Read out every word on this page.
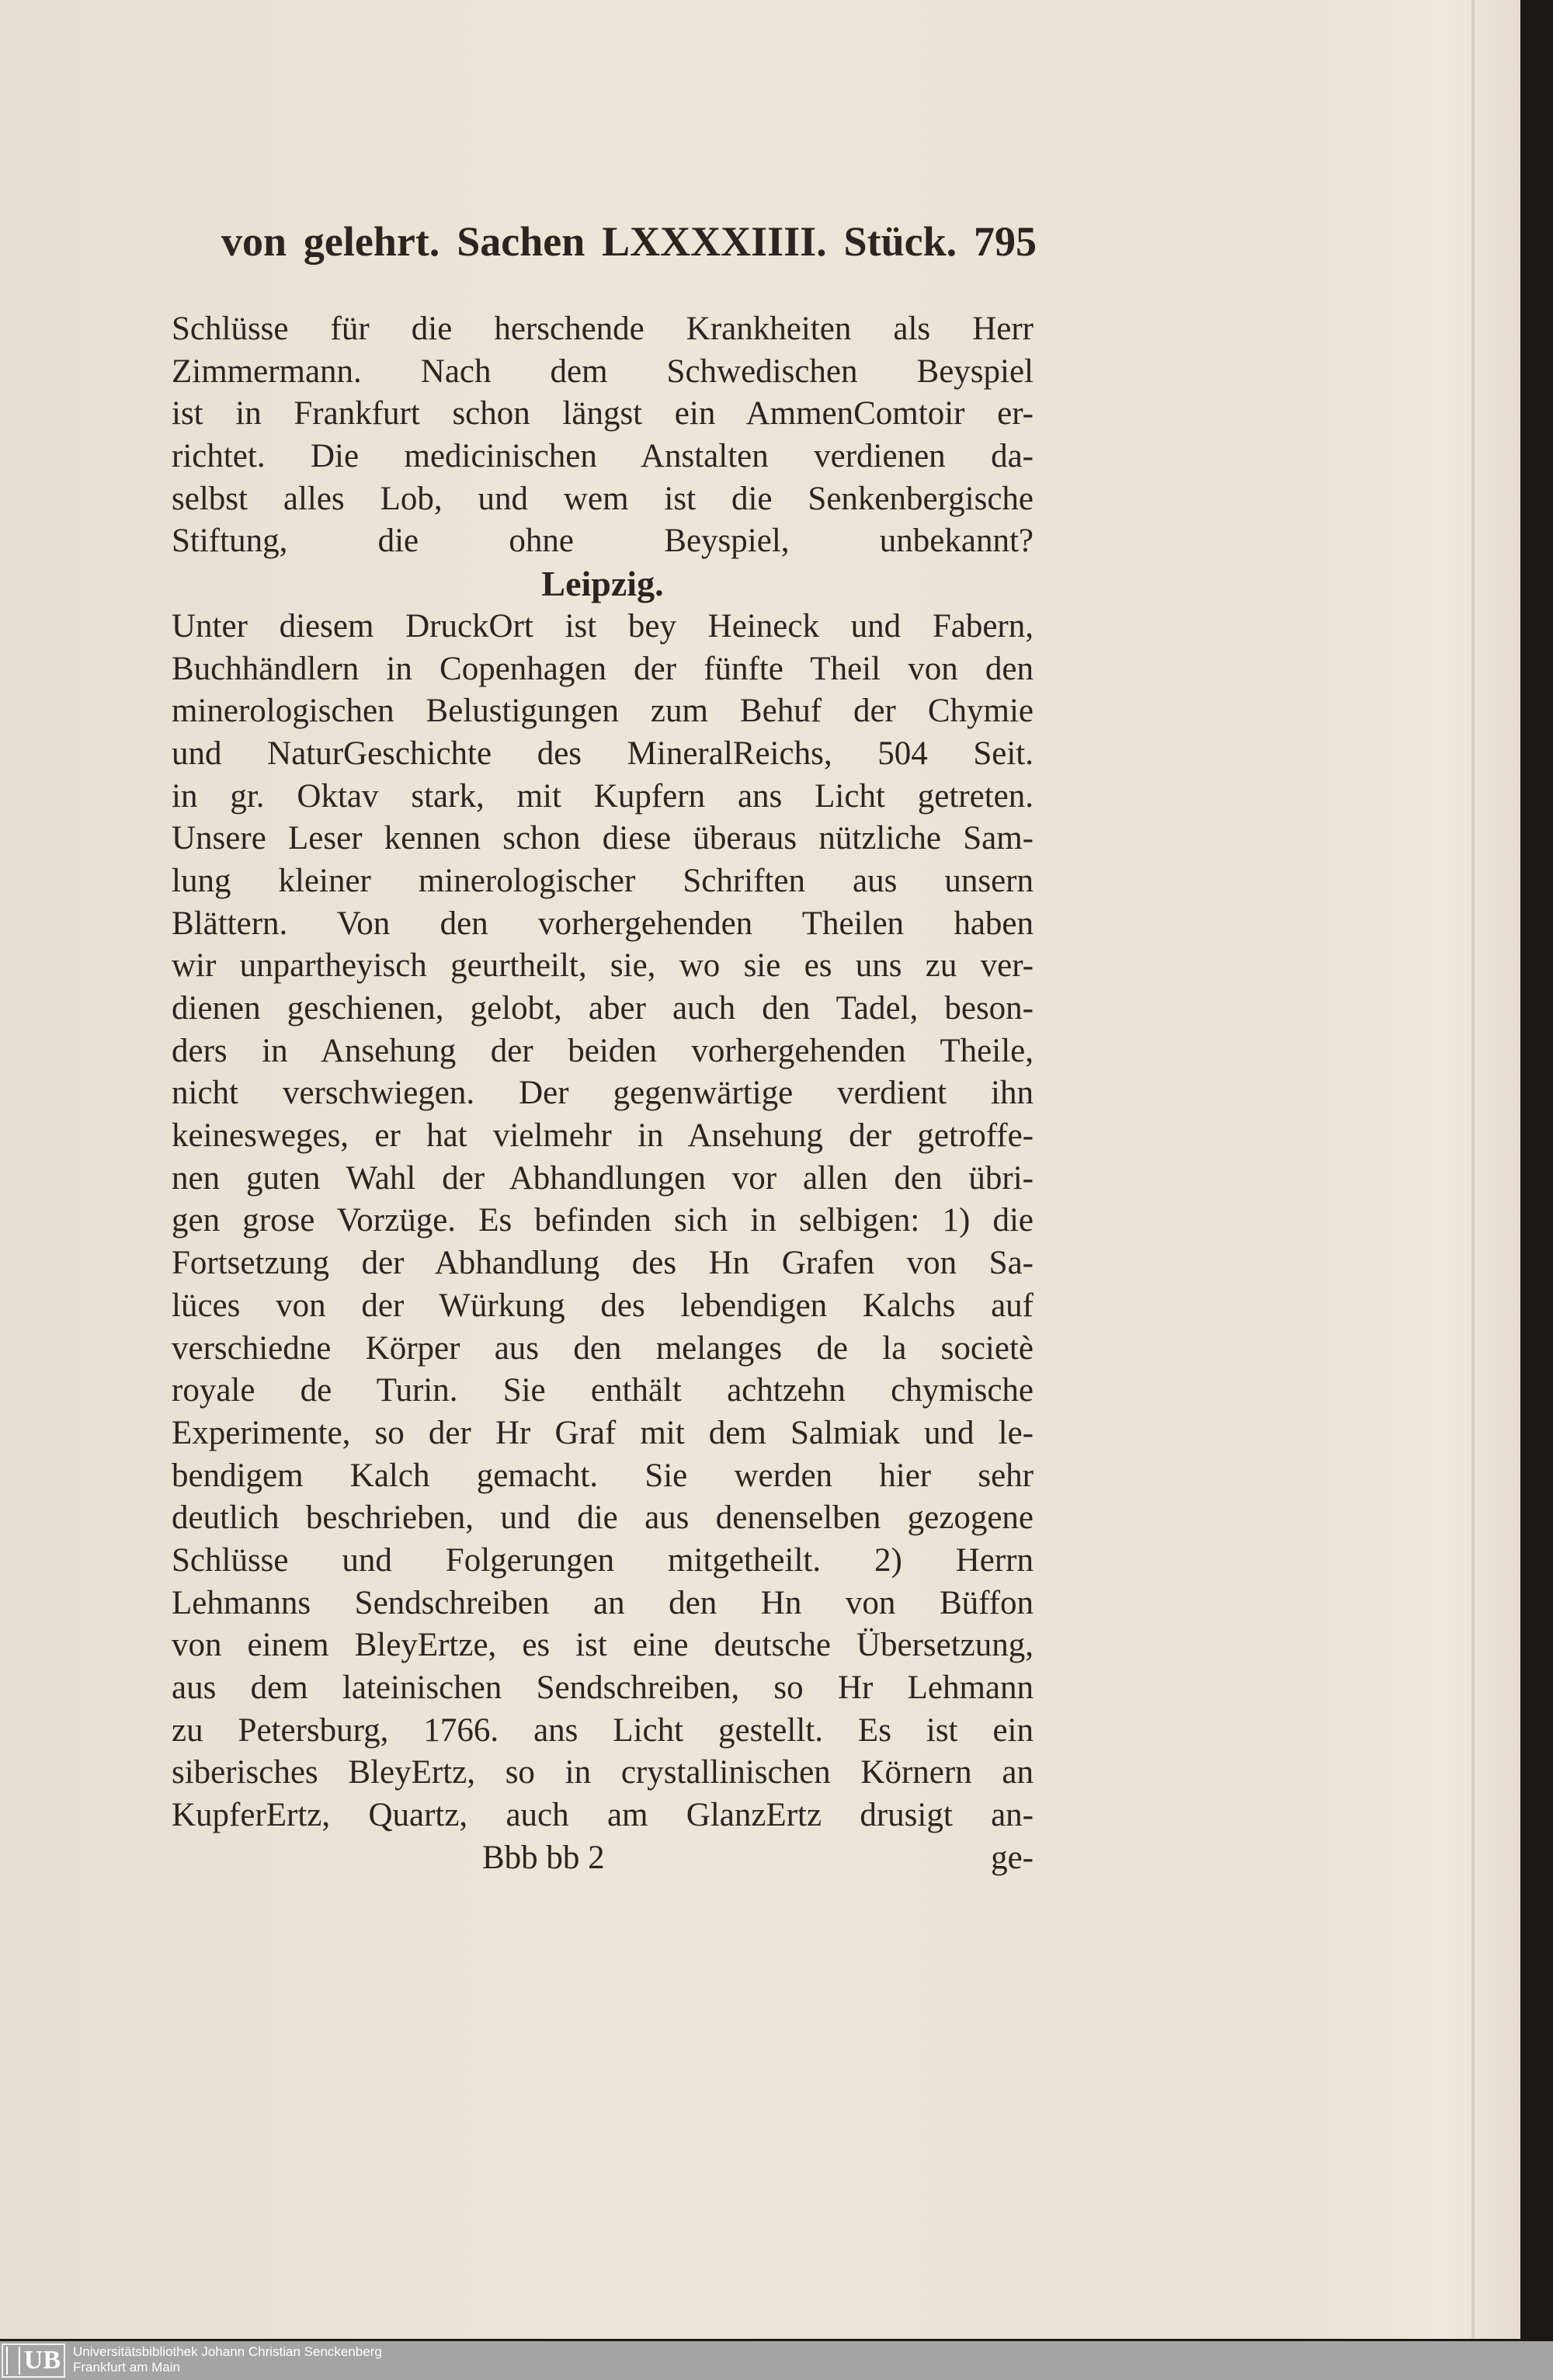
von gelehrt. Sachen LXXXXIIII. Stück. 795
Schlüsse für die herschende Krankheiten als Herr
Zimmermann. Nach dem Schwedischen Beyspiel
ist in Frankfurt schon längst ein AmmenComtoir er-
richtet. Die medicinischen Anstalten verdienen da-
selbst alles Lob, und wem ist die Senkenbergische
Stiftung, die ohne Beyspiel, unbekannt?
Leipzig.
Unter diesem DruckOrt ist bey Heineck und Fabern,
Buchhändlern in Copenhagen der fünfte Theil von den
minerologischen Belustigungen zum Behuf der Chymie
und NaturGeschichte des MineralReichs, 504 Seit.
in gr. Oktav stark, mit Kupfern ans Licht getreten.
Unsere Leser kennen schon diese überaus nützliche Sam-
lung kleiner minerologischer Schriften aus unsern
Blättern. Von den vorhergehenden Theilen haben
wir unpartheyisch geurtheilt, sie, wo sie es uns zu ver-
dienen geschienen, gelobt, aber auch den Tadel, beson-
ders in Ansehung der beiden vorhergehenden Theile,
nicht verschwiegen. Der gegenwärtige verdient ihn
keinesweges, er hat vielmehr in Ansehung der getroffe-
nen guten Wahl der Abhandlungen vor allen den übri-
gen grose Vorzüge. Es befinden sich in selbigen: 1) die
Fortsetzung der Abhandlung des Hn Grafen von Sa-
lüces von der Würkung des lebendigen Kalchs auf
verschiedne Körper aus den melanges de la societè
royale de Turin. Sie enthält achtzehn chymische
Experimente, so der Hr Graf mit dem Salmiak und le-
bendigem Kalch gemacht. Sie werden hier sehr
deutlich beschrieben, und die aus denenselben gezogene
Schlüsse und Folgerungen mitgetheilt. 2) Herrn
Lehmanns Sendschreiben an den Hn von Büffon
von einem BleyErtze, es ist eine deutsche Übersetzung,
aus dem lateinischen Sendschreiben, so Hr Lehmann
zu Petersburg, 1766. ans Licht gestellt. Es ist ein
siberisches BleyErtz, so in crystallinischen Körnern an
KupferErtz, Quartz, auch am GlanzErtz drusigt an-
Bbb bb 2	ge-
UB Universitätsbibliothek Johann Christian Senckenberg
Frankfurt am Main
